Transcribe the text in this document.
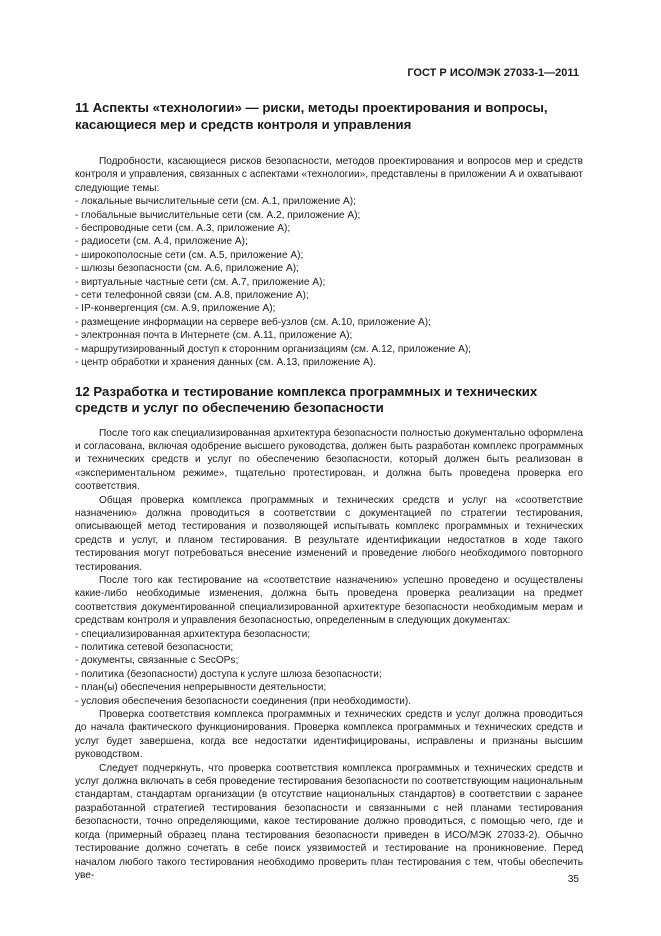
ГОСТ Р ИСО/МЭК 27033-1—2011
11 Аспекты «технологии» — риски, методы проектирования и вопросы,
касающиеся мер и средств контроля и управления

Подробности, касающиеся рисков безопасности, методов проектирования и вопросов мер и средств контроля и управления, связанных с аспектами «технологии», представлены в приложении А и охватывают следующие темы:

- локальные вычислительные сети (см. А.1, приложение А);
- глобальные вычислительные сети (см. А.2, приложение А);
- беспроводные сети (см. А.3, приложение А);
- радиосети (см. А.4, приложение А);
- широкополосные сети (см. А.5, приложение А);
- шлюзы безопасности (см. А.6, приложение А);
- виртуальные частные сети (см. А.7, приложение А);
- сети телефонной связи (см. А.8, приложение А);
- IP-конвергенция (см. А.9, приложение А);
- размещение информации на сервере веб-узлов (см. А.10, приложение А);
- электронная почта в Интернете (см. А.11, приложение А);
- маршрутизированный доступ к сторонним организациям (см. А.12, приложение А);
- центр обработки и хранения данных (см. А.13, приложение А).
12 Разработка и тестирование комплекса программных и технических
средств и услуг по обеспечению безопасности

После того как специализированная архитектура безопасности полностью документально оформлена и согласована, включая одобрение высшего руководства, должен быть разработан комплекс программных и технических средств и услуг по обеспечению безопасности, который должен быть реализован в «экспериментальном режиме», тщательно протестирован, и должна быть проведена проверка его соответствия.

Общая проверка комплекса программных и технических средств и услуг на «соответствие назначению» должна проводиться в соответствии с документацией по стратегии тестирования, описывающей метод тестирования и позволяющей испытывать комплекс программных и технических средств и услуг, и планом тестирования. В результате идентификации недостатков в ходе такого тестирования могут потребоваться внесение изменений и проведение любого необходимого повторного тестирования.

После того как тестирование на «соответствие назначению» успешно проведено и осуществлены какие-либо необходимые изменения, должна быть проведена проверка реализации на предмет соответствия документированной специализированной архитектуре безопасности необходимым мерам и средствам контроля и управления безопасностью, определенным в следующих документах:

- специализированная архитектура безопасности;
- политика сетевой безопасности;
- документы, связанные с SecOPs;
- политика (безопасности) доступа к услуге шлюза безопасности;
- план(ы) обеспечения непрерывности деятельности;
- условия обеспечения безопасности соединения (при необходимости).

Проверка соответствия комплекса программных и технических средств и услуг должна проводиться до начала фактического функционирования. Проверка комплекса программных и технических средств и услуг будет завершена, когда все недостатки идентифицированы, исправлены и признаны высшим руководством.

Следует подчеркнуть, что проверка соответствия комплекса программных и технических средств и услуг должна включать в себя проведение тестирования безопасности по соответствующим национальным стандартам, стандартам организации (в отсутствие национальных стандартов) в соответствии с заранее разработанной стратегией тестирования безопасности и связанными с ней планами тестирования безопасности, точно определяющими, какое тестирование должно проводиться, с помощью чего, где и когда (примерный образец плана тестирования безопасности приведен в ИСО/МЭК 27033-2). Обычно тестирование должно сочетать в себе поиск уязвимостей и тестирование на проникновение. Перед началом любого такого тестирования необходимо проверить план тестирования с тем, чтобы обеспечить уве-	35
